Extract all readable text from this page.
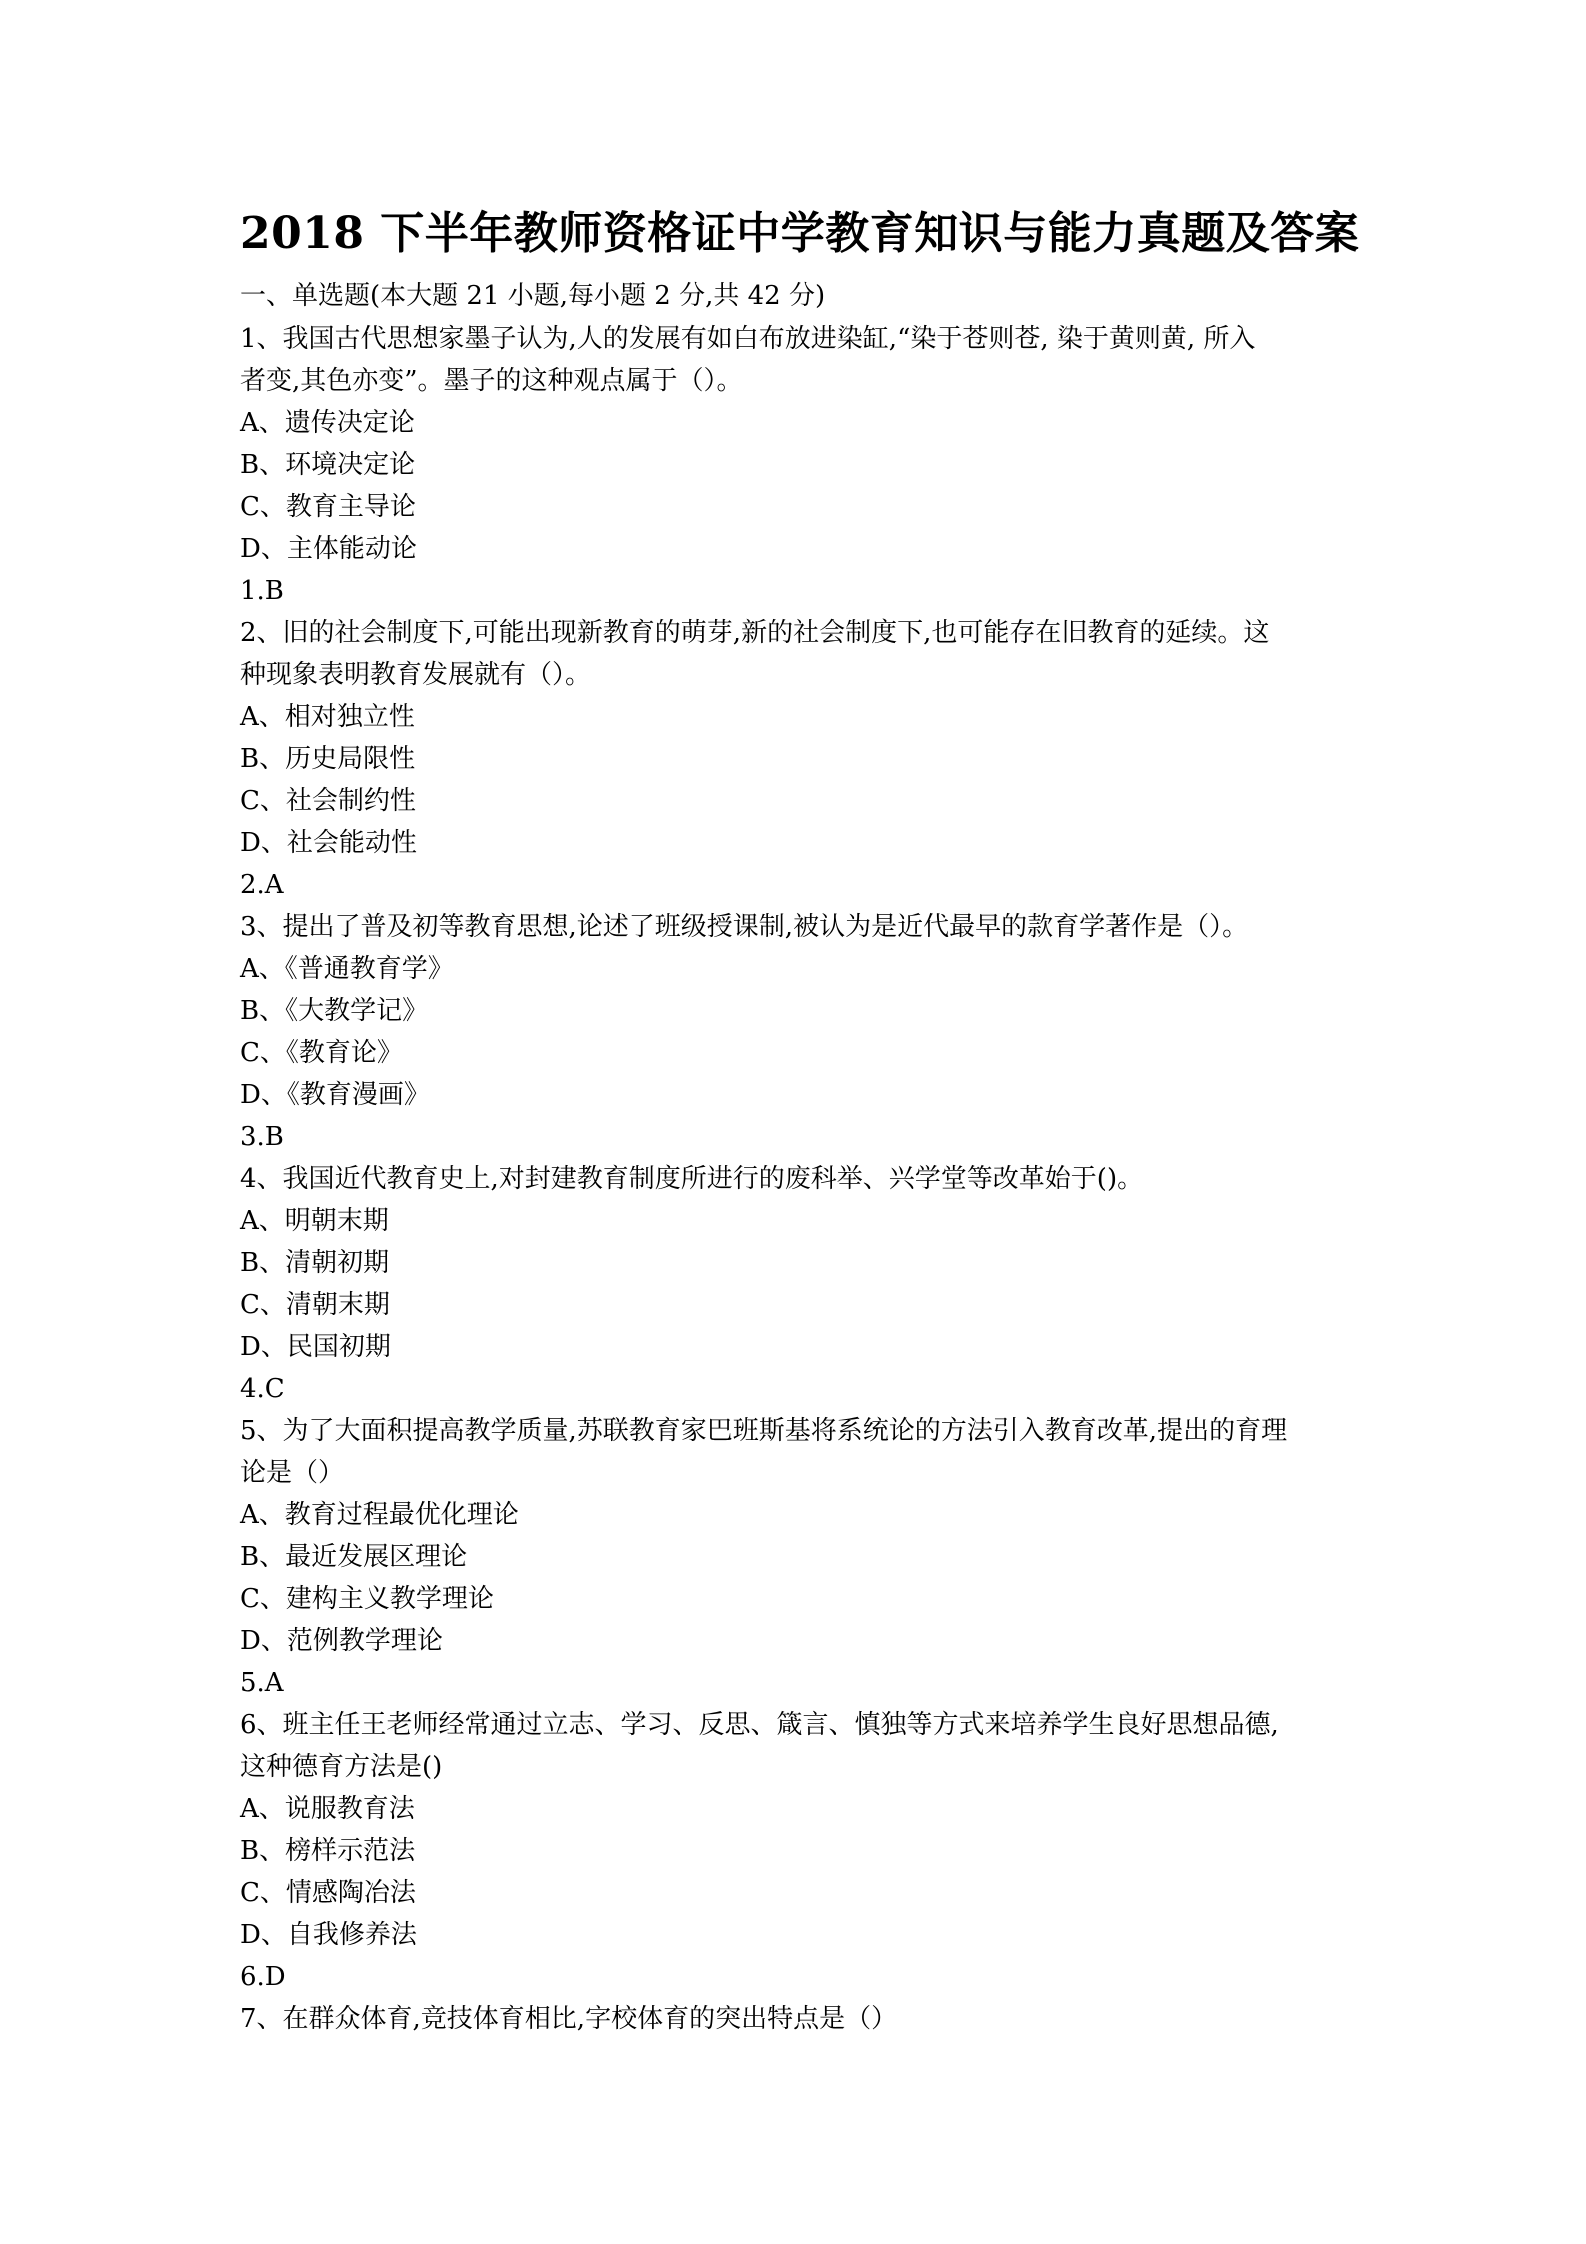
2018 下半年教师资格证中学教育知识与能力真题及答案
一、单选题(本大题 21 小题,每小题 2 分,共 42 分)
1、我国古代思想家墨子认为,人的发展有如白布放进染缸,“染于苍则苍, 染于黄则黄, 所入
者变,其色亦变”。墨子的这种观点属于（）。
A、遗传决定论
B、环境决定论
C、教育主导论
D、主体能动论
1.B
2、旧的社会制度下,可能出现新教育的萌芽,新的社会制度下,也可能存在旧教育的延续。这
种现象表明教育发展就有（）。
A、相对独立性
B、历史局限性
C、社会制约性
D、社会能动性
2.A
3、提出了普及初等教育思想,论述了班级授课制,被认为是近代最早的款育学著作是（）。
A、《普通教育学》
B、《大教学记》
C、《教育论》
D、《教育漫画》
3.B
4、我国近代教育史上,对封建教育制度所进行的废科举、兴学堂等改革始于()。
A、明朝末期
B、清朝初期
C、清朝末期
D、民国初期
4.C
5、为了大面积提高教学质量,苏联教育家巴班斯基将系统论的方法引入教育改革,提出的育理
论是（）
A、教育过程最优化理论
B、最近发展区理论
C、建构主义教学理论
D、范例教学理论
5.A
6、班主任王老师经常通过立志、学习、反思、箴言、慎独等方式来培养学生良好思想品德,
这种德育方法是()
A、说服教育法
B、榜样示范法
C、情感陶冶法
D、自我修养法
6.D
7、在群众体育,竞技体育相比,字校体育的突出特点是（）
